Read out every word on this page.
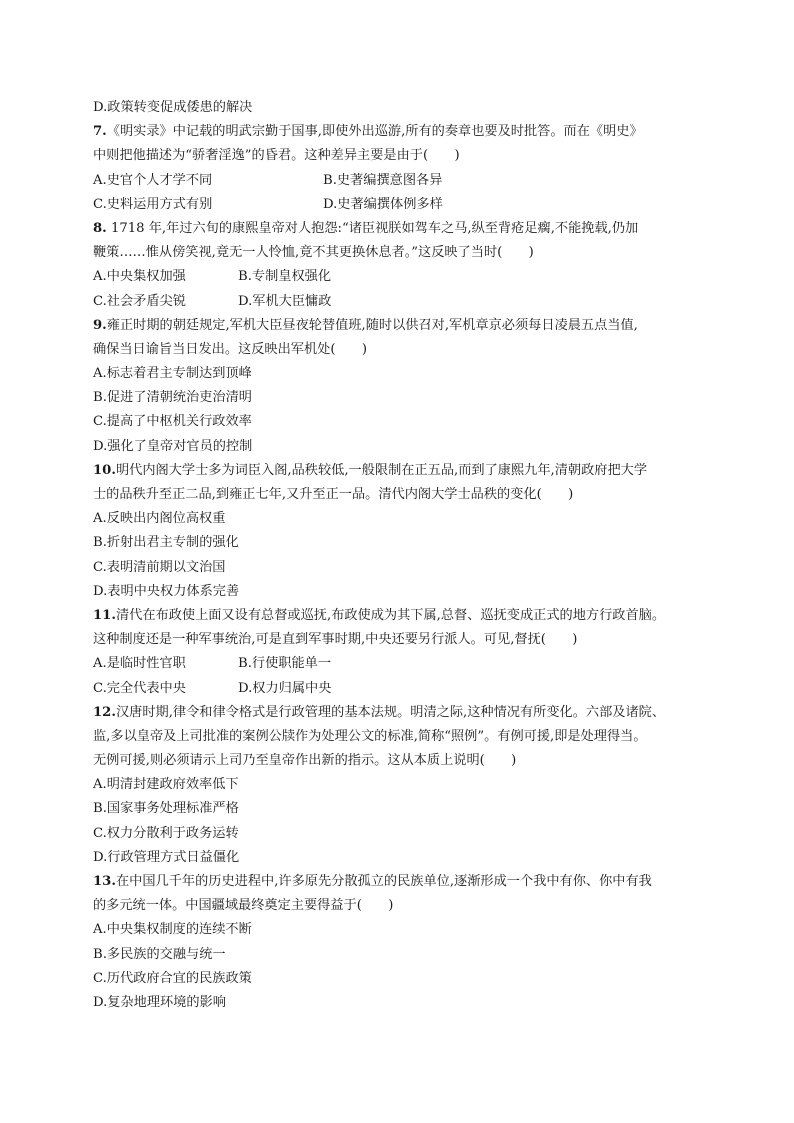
D.政策转变促成倭患的解决
7.《明实录》中记载的明武宗勤于国事,即使外出巡游,所有的奏章也要及时批答。而在《明史》
中则把他描述为“骄奢淫逸”的昏君。这种差异主要是由于(　　)
A.史官个人才学不同	B.史著编撰意图各异
C.史料运用方式有别	D.史著编撰体例多样
8. 1718 年,年过六旬的康熙皇帝对人抱怨:“诸臣视朕如驾车之马,纵至背疮足瘸,不能挽载,仍加
鞭策……惟从傍笑视,竟无一人怜恤,竟不其更换休息者。”这反映了当时(　　)
A.中央集权加强	B.专制皇权强化
C.社会矛盾尖锐	D.军机大臣慵政
9.雍正时期的朝廷规定,军机大臣昼夜轮替值班,随时以供召对,军机章京必须每日凌晨五点当值,
确保当日谕旨当日发出。这反映出军机处(　　)
A.标志着君主专制达到顶峰
B.促进了清朝统治吏治清明
C.提高了中枢机关行政效率
D.强化了皇帝对官员的控制
10.明代内阁大学士多为词臣入阁,品秩较低,一般限制在正五品,而到了康熙九年,清朝政府把大学
士的品秩升至正二品,到雍正七年,又升至正一品。清代内阁大学士品秩的变化(　　)
A.反映出内阁位高权重
B.折射出君主专制的强化
C.表明清前期以文治国
D.表明中央权力体系完善
11.清代在布政使上面又设有总督或巡抚,布政使成为其下属,总督、巡抚变成正式的地方行政首脑。
这种制度还是一种军事统治,可是直到军事时期,中央还要另行派人。可见,督抚(　　)
A.是临时性官职	B.行使职能单一
C.完全代表中央	D.权力归属中央
12.汉唐时期,律令和律令格式是行政管理的基本法规。明清之际,这种情况有所变化。六部及诸院、
监,多以皇帝及上司批准的案例公牍作为处理公文的标准,简称“照例”。有例可援,即是处理得当。
无例可援,则必须请示上司乃至皇帝作出新的指示。这从本质上说明(　　)
A.明清封建政府效率低下
B.国家事务处理标准严格
C.权力分散利于政务运转
D.行政管理方式日益僵化
13.在中国几千年的历史进程中,许多原先分散孤立的民族单位,逐渐形成一个我中有你、你中有我
的多元统一体。中国疆域最终奠定主要得益于(　　)
A.中央集权制度的连续不断
B.多民族的交融与统一
C.历代政府合宜的民族政策
D.复杂地理环境的影响
